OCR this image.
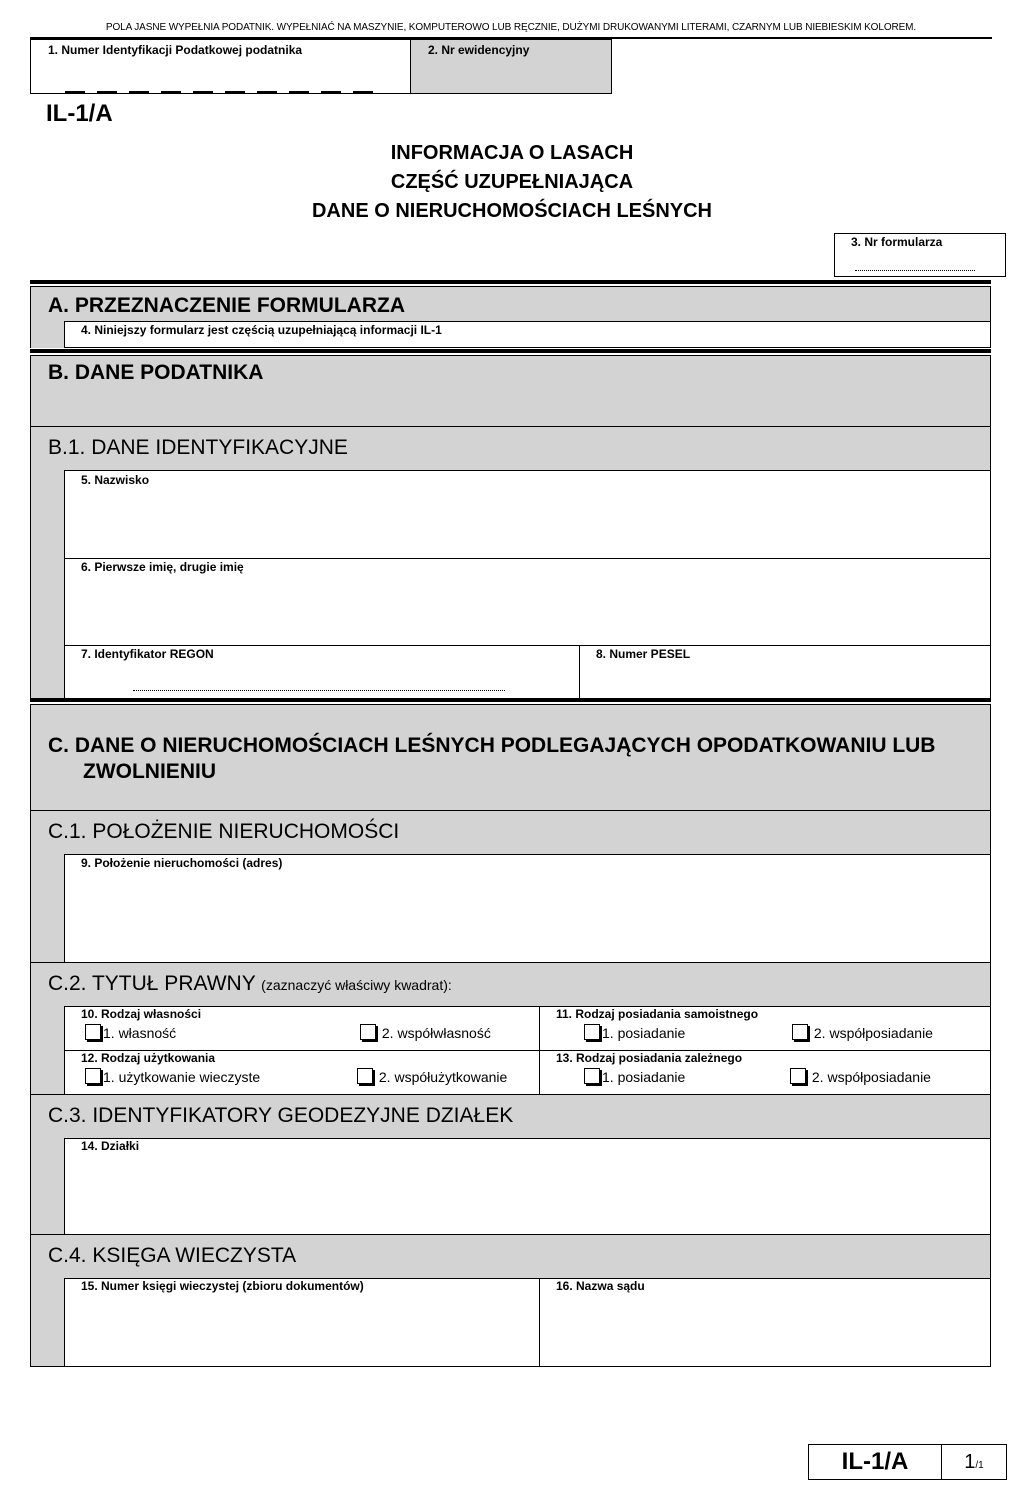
POLA JASNE WYPEŁNIA PODATNIK. WYPEŁNIAĆ NA MASZYNIE, KOMPUTEROWO LUB RĘCZNIE, DUŻYMI DRUKOWANYMI LITERAMI, CZARNYM LUB NIEBIESKIM KOLOREM.
1. Numer Identyfikacji Podatkowej podatnika	2. Nr ewidencyjny
IL-1/A
INFORMACJA O LASACH
CZĘŚĆ UZUPEŁNIAJĄCA
DANE O NIERUCHOMOŚCIACH LEŚNYCH
3. Nr formularza
A. PRZEZNACZENIE FORMULARZA
4. Niniejszy formularz jest częścią uzupełniającą informacji IL-1
B. DANE PODATNIKA
B.1. DANE IDENTYFIKACYJNE
5. Nazwisko
6. Pierwsze imię, drugie imię
7. Identyfikator REGON	8. Numer PESEL
C. DANE O NIERUCHOMOŚCIACH LEŚNYCH PODLEGAJĄCYCH OPODATKOWANIU LUB
ZWOLNIENIU
C.1. POŁOŻENIE NIERUCHOMOŚCI
9. Położenie nieruchomości (adres)
C.2. TYTUŁ PRAWNY (zaznaczyć właściwy kwadrat):
10. Rodzaj własności
1. własność	2. współwłasność
11. Rodzaj posiadania samoistnego
1. posiadanie	2. współposiadanie
12. Rodzaj użytkowania
1. użytkowanie wieczyste	2. współużytkowanie
13. Rodzaj posiadania zależnego
1. posiadanie	2. współposiadanie
C.3. IDENTYFIKATORY GEODEZYJNE DZIAŁEK
14. Działki
C.4. KSIĘGA WIECZYSTA
15. Numer księgi wieczystej (zbioru dokumentów)	16. Nazwa sądu
IL-1/A	1/1
